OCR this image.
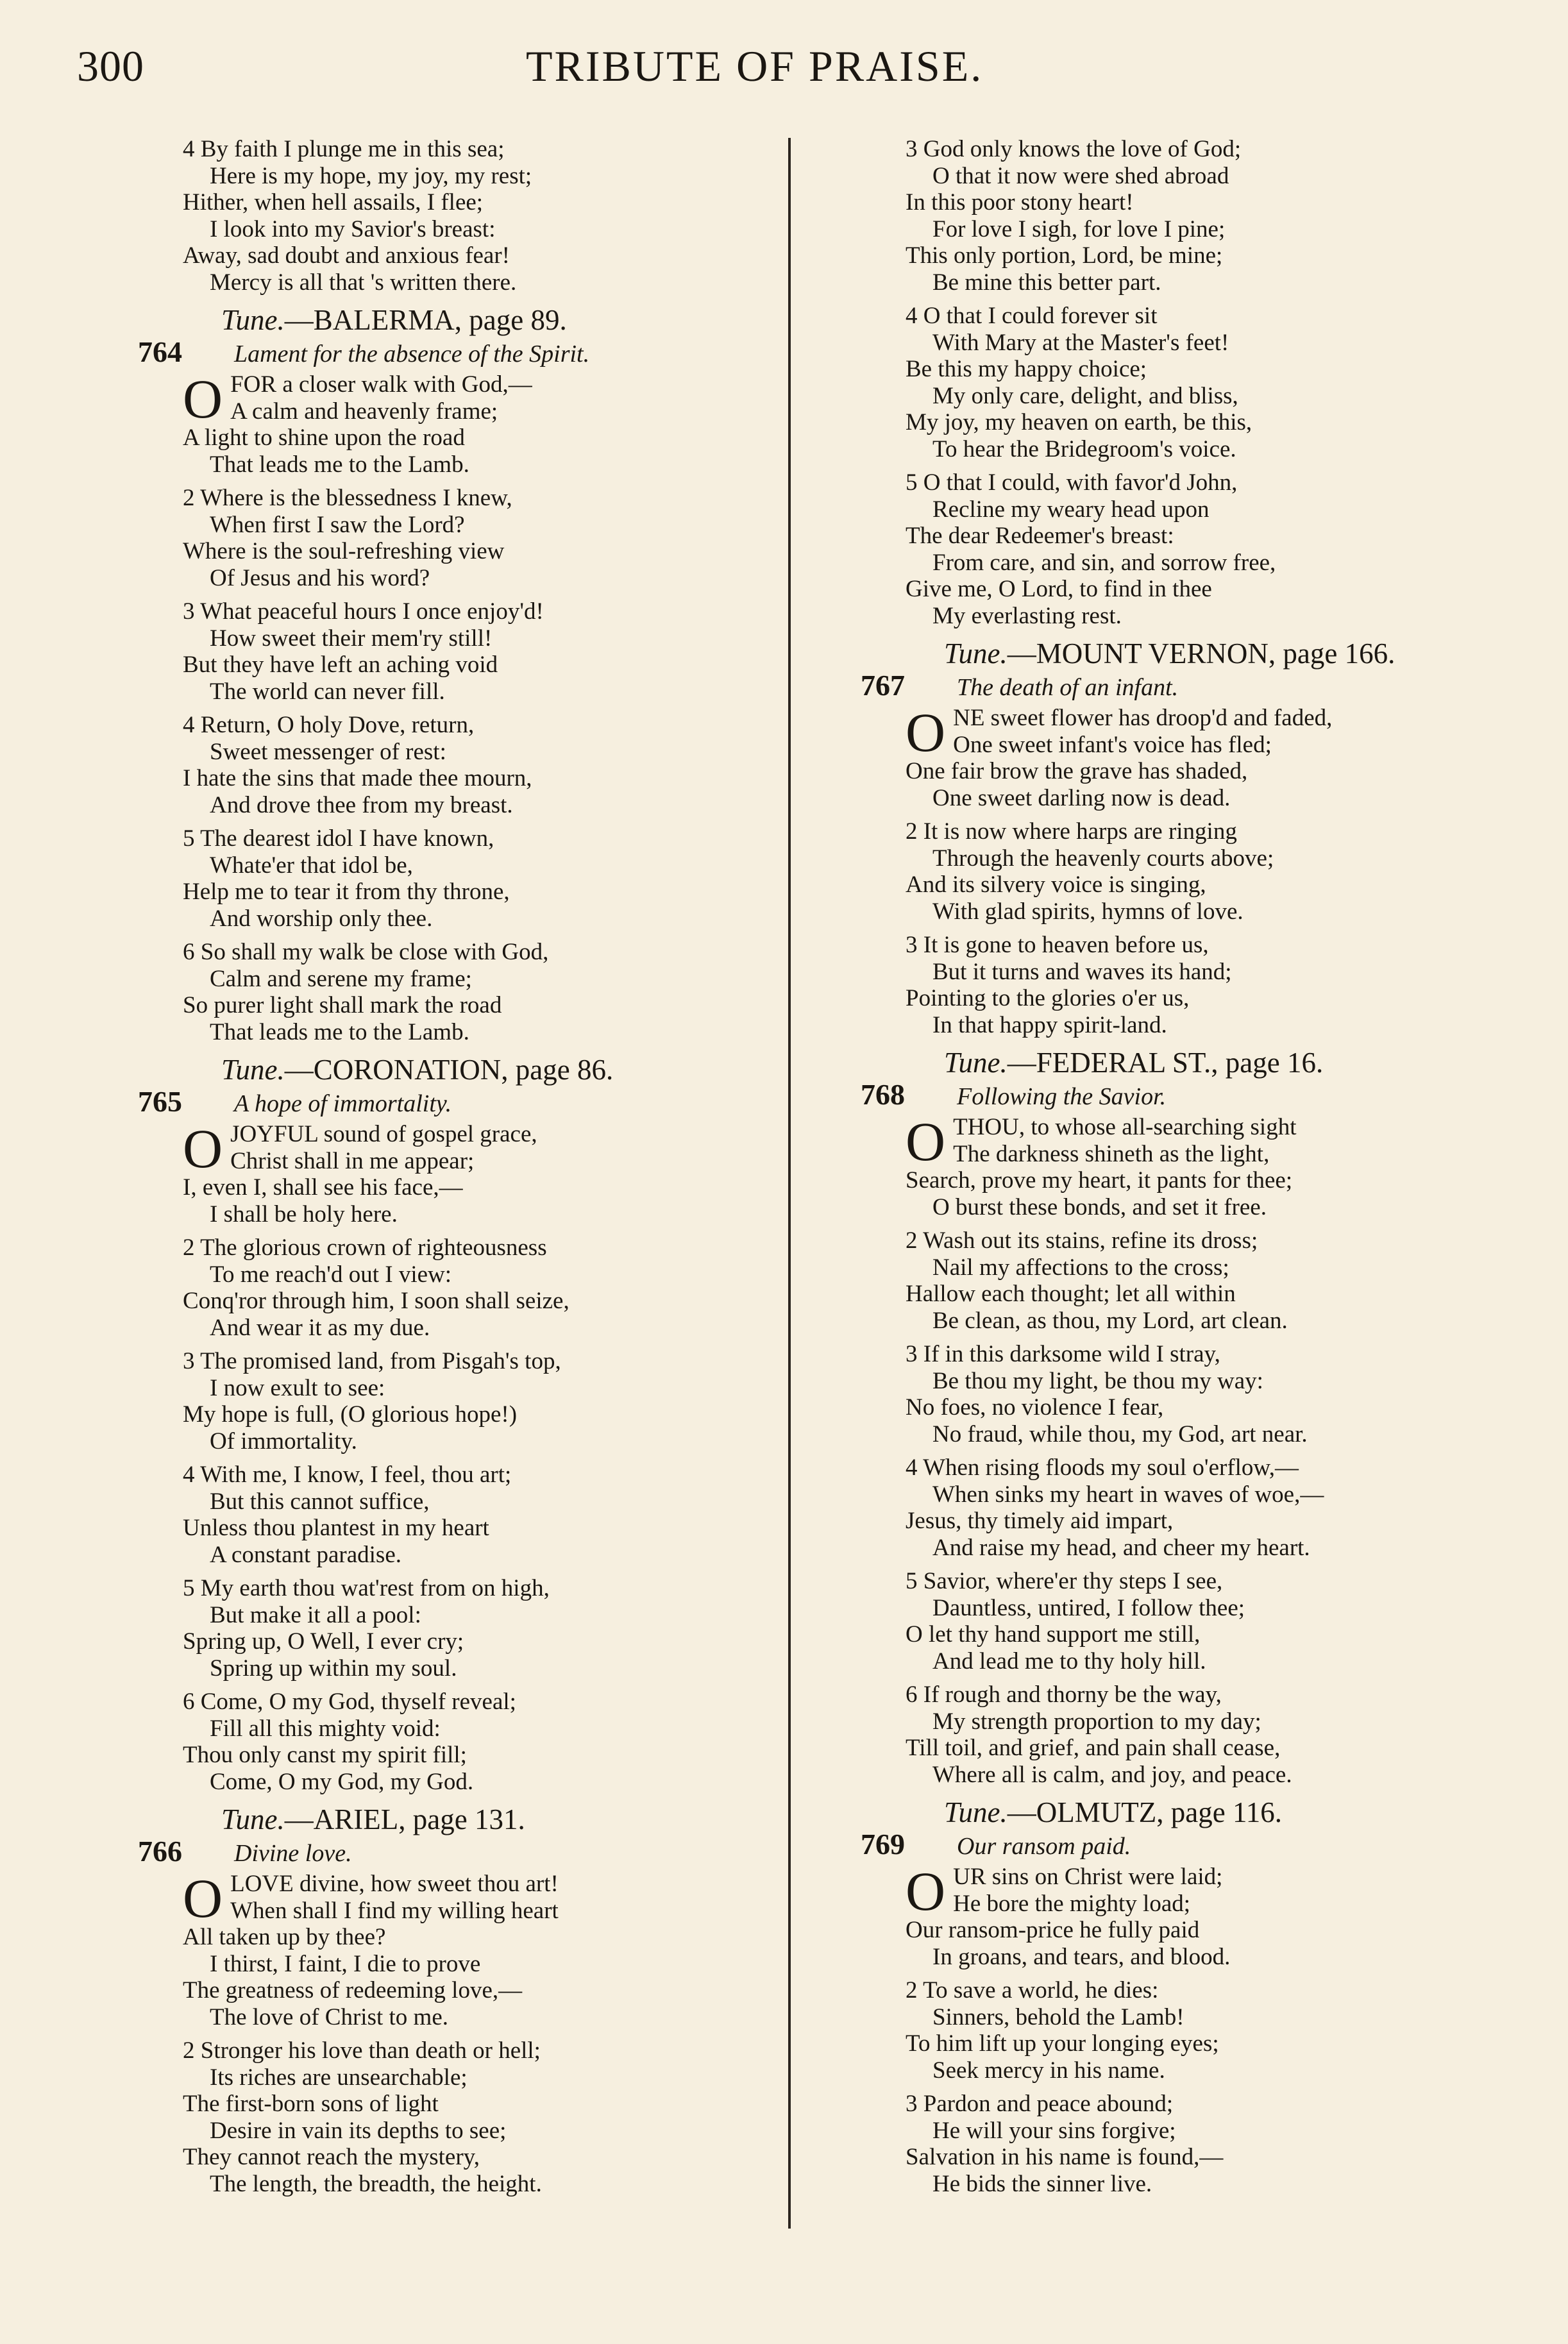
300	TRIBUTE OF PRAISE.
4 By faith I plunge me in this sea;
Here is my hope, my joy, my rest;
Hither, when hell assails, I flee;
I look into my Savior's breast:
Away, sad doubt and anxious fear!
Mercy is all that 's written there.
Tune.—BALERMA, page 89.
764	Lament for the absence of the Spirit.
O FOR a closer walk with God,—
A calm and heavenly frame;
A light to shine upon the road
That leads me to the Lamb.
2 Where is the blessedness I knew,
When first I saw the Lord?
Where is the soul-refreshing view
Of Jesus and his word?
3 What peaceful hours I once enjoy'd!
How sweet their mem'ry still!
But they have left an aching void
The world can never fill.
4 Return, O holy Dove, return,
Sweet messenger of rest:
I hate the sins that made thee mourn,
And drove thee from my breast.
5 The dearest idol I have known,
Whate'er that idol be,
Help me to tear it from thy throne,
And worship only thee.
6 So shall my walk be close with God,
Calm and serene my frame;
So purer light shall mark the road
That leads me to the Lamb.
Tune.—CORONATION, page 86.
765	A hope of immortality.
O JOYFUL sound of gospel grace,
Christ shall in me appear;
I, even I, shall see his face,—
I shall be holy here.
2 The glorious crown of righteousness
To me reach'd out I view:
Conq'ror through him, I soon shall seize,
And wear it as my due.
3 The promised land, from Pisgah's top,
I now exult to see:
My hope is full, (O glorious hope!)
Of immortality.
4 With me, I know, I feel, thou art;
But this cannot suffice,
Unless thou plantest in my heart
A constant paradise.
5 My earth thou wat'rest from on high,
But make it all a pool:
Spring up, O Well, I ever cry;
Spring up within my soul.
6 Come, O my God, thyself reveal;
Fill all this mighty void:
Thou only canst my spirit fill;
Come, O my God, my God.
Tune.—ARIEL, page 131.
766	Divine love.
O LOVE divine, how sweet thou art!
When shall I find my willing heart
All taken up by thee?
I thirst, I faint, I die to prove
The greatness of redeeming love,—
The love of Christ to me.
2 Stronger his love than death or hell;
Its riches are unsearchable;
The first-born sons of light
Desire in vain its depths to see;
They cannot reach the mystery,
The length, the breadth, the height.
3 God only knows the love of God;
O that it now were shed abroad
In this poor stony heart!
For love I sigh, for love I pine;
This only portion, Lord, be mine;
Be mine this better part.
4 O that I could forever sit
With Mary at the Master's feet!
Be this my happy choice;
My only care, delight, and bliss,
My joy, my heaven on earth, be this,
To hear the Bridegroom's voice.
5 O that I could, with favor'd John,
Recline my weary head upon
The dear Redeemer's breast:
From care, and sin, and sorrow free,
Give me, O Lord, to find in thee
My everlasting rest.
Tune.—MOUNT VERNON, page 166.
767	The death of an infant.
O NE sweet flower has droop'd and faded,
One sweet infant's voice has fled;
One fair brow the grave has shaded,
One sweet darling now is dead.
2 It is now where harps are ringing
Through the heavenly courts above;
And its silvery voice is singing,
With glad spirits, hymns of love.
3 It is gone to heaven before us,
But it turns and waves its hand;
Pointing to the glories o'er us,
In that happy spirit-land.
Tune.—FEDERAL ST., page 16.
768	Following the Savior.
O THOU, to whose all-searching sight
The darkness shineth as the light,
Search, prove my heart, it pants for thee;
O burst these bonds, and set it free.
2 Wash out its stains, refine its dross;
Nail my affections to the cross;
Hallow each thought; let all within
Be clean, as thou, my Lord, art clean.
3 If in this darksome wild I stray,
Be thou my light, be thou my way:
No foes, no violence I fear,
No fraud, while thou, my God, art near.
4 When rising floods my soul o'erflow,—
When sinks my heart in waves of woe,—
Jesus, thy timely aid impart,
And raise my head, and cheer my heart.
5 Savior, where'er thy steps I see,
Dauntless, untired, I follow thee;
O let thy hand support me still,
And lead me to thy holy hill.
6 If rough and thorny be the way,
My strength proportion to my day;
Till toil, and grief, and pain shall cease,
Where all is calm, and joy, and peace.
Tune.—OLMUTZ, page 116.
769	Our ransom paid.
O UR sins on Christ were laid;
He bore the mighty load;
Our ransom-price he fully paid
In groans, and tears, and blood.
2 To save a world, he dies:
Sinners, behold the Lamb!
To him lift up your longing eyes;
Seek mercy in his name.
3 Pardon and peace abound;
He will your sins forgive;
Salvation in his name is found,—
He bids the sinner live.
